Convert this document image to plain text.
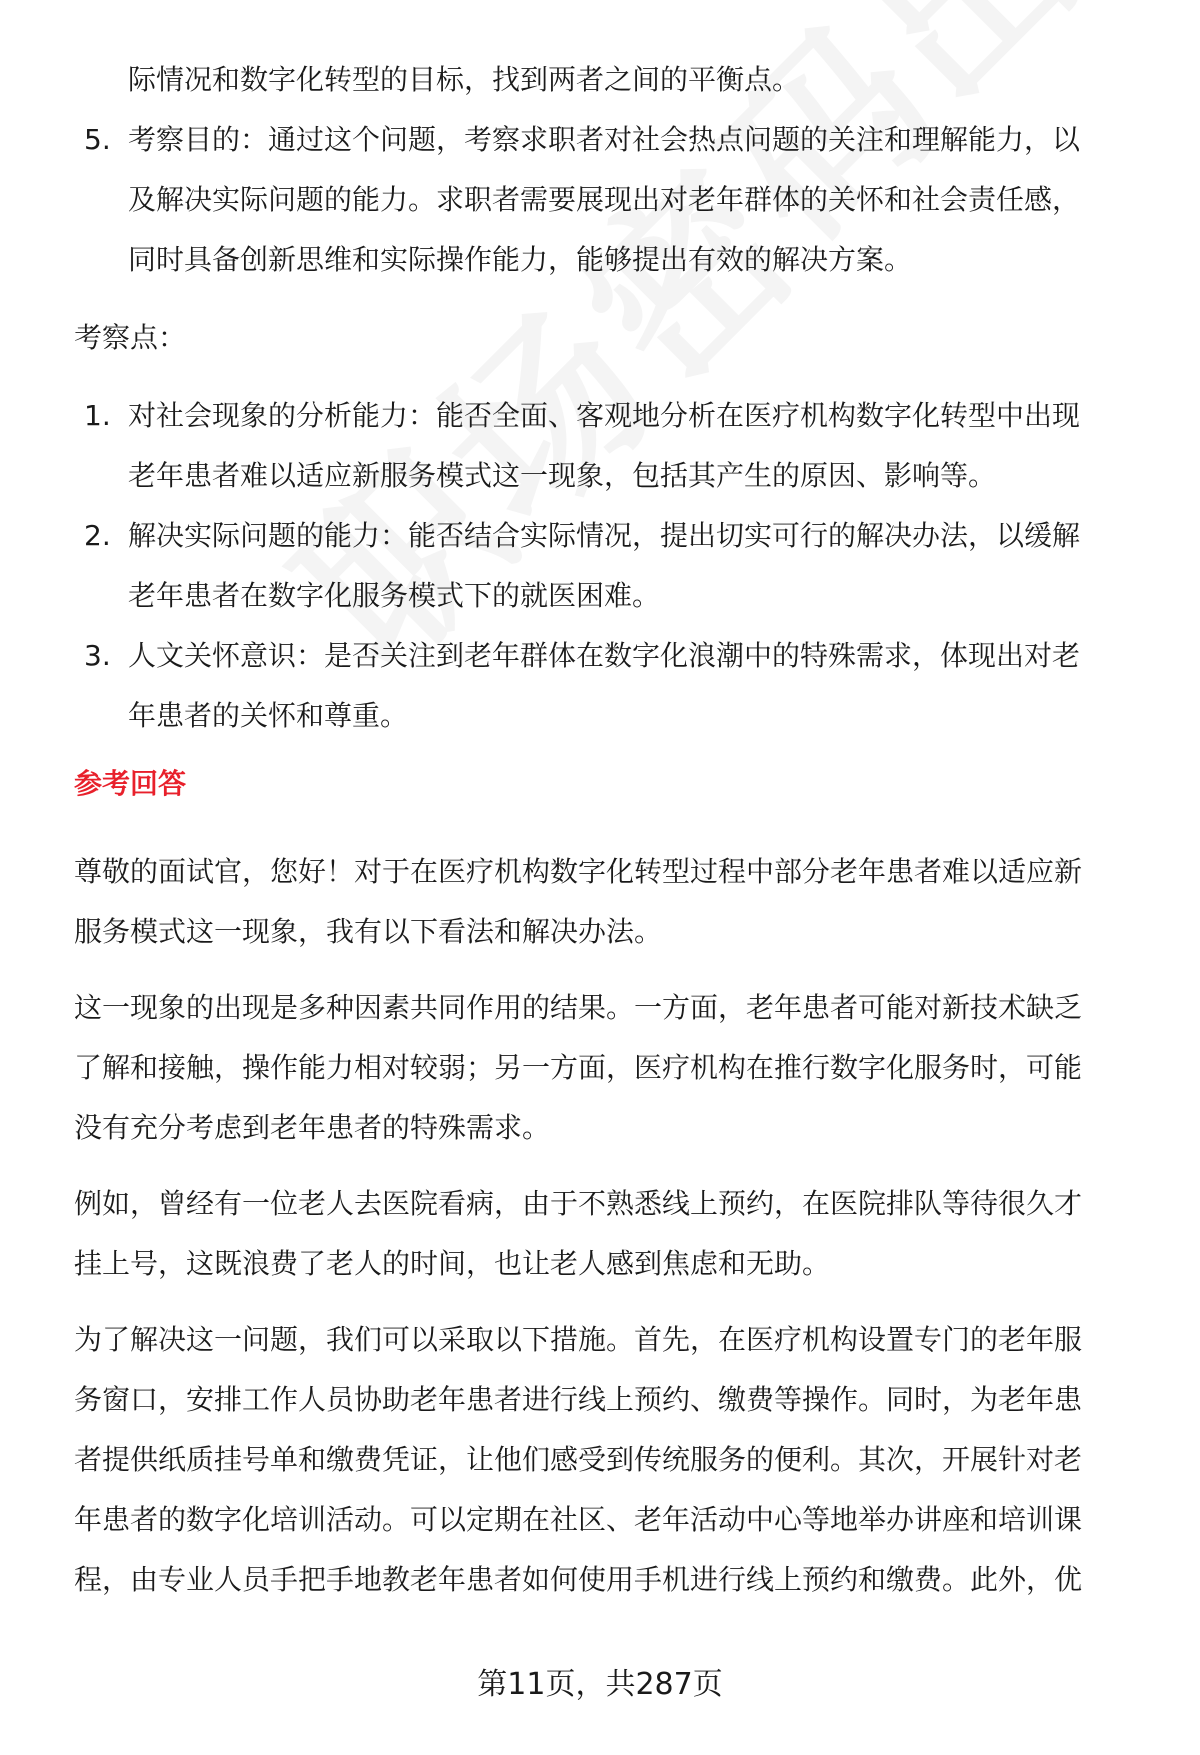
际情况和数字化转型的目标，找到两者之间的平衡点。

5. 考察目的：通过这个问题，考察求职者对社会热点问题的关注和理解能力，以

及解决实际问题的能力。求职者需要展现出对老年群体的关怀和社会责任感，

同时具备创新思维和实际操作能力，能够提出有效的解决方案。

考察点：

1. 对社会现象的分析能力：能否全面、客观地分析在医疗机构数字化转型中出现

老年患者难以适应新服务模式这一现象，包括其产生的原因、影响等。

2. 解决实际问题的能力：能否结合实际情况，提出切实可行的解决办法，以缓解

老年患者在数字化服务模式下的就医困难。

3. 人文关怀意识：是否关注到老年群体在数字化浪潮中的特殊需求，体现出对老

年患者的关怀和尊重。

参考回答

尊敬的面试官，您好！对于在医疗机构数字化转型过程中部分老年患者难以适应新

服务模式这一现象，我有以下看法和解决办法。

这一现象的出现是多种因素共同作用的结果。一方面，老年患者可能对新技术缺乏

了解和接触，操作能力相对较弱；另一方面，医疗机构在推行数字化服务时，可能

没有充分考虑到老年患者的特殊需求。

例如，曾经有一位老人去医院看病，由于不熟悉线上预约，在医院排队等待很久才

挂上号，这既浪费了老人的时间，也让老人感到焦虑和无助。

为了解决这一问题，我们可以采取以下措施。首先，在医疗机构设置专门的老年服

务窗口，安排工作人员协助老年患者进行线上预约、缴费等操作。同时，为老年患

者提供纸质挂号单和缴费凭证，让他们感受到传统服务的便利。其次，开展针对老

年患者的数字化培训活动。可以定期在社区、老年活动中心等地举办讲座和培训课

程，由专业人员手把手地教老年患者如何使用手机进行线上预约和缴费。此外，优

第11页，共287页
